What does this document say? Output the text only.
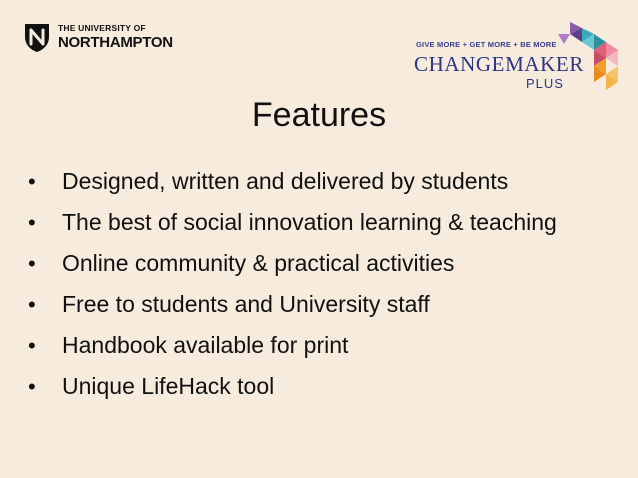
THE UNIVERSITY OF
NORTHAMPTON	GIVE MORE + GET MORE + BE MORE
CHANGEMAKER
PLUS
Features
• Designed, written and delivered by students
• The best of social innovation learning & teaching
• Online community & practical activities
• Free to students and University staff
• Handbook available for print
• Unique LifeHack tool
